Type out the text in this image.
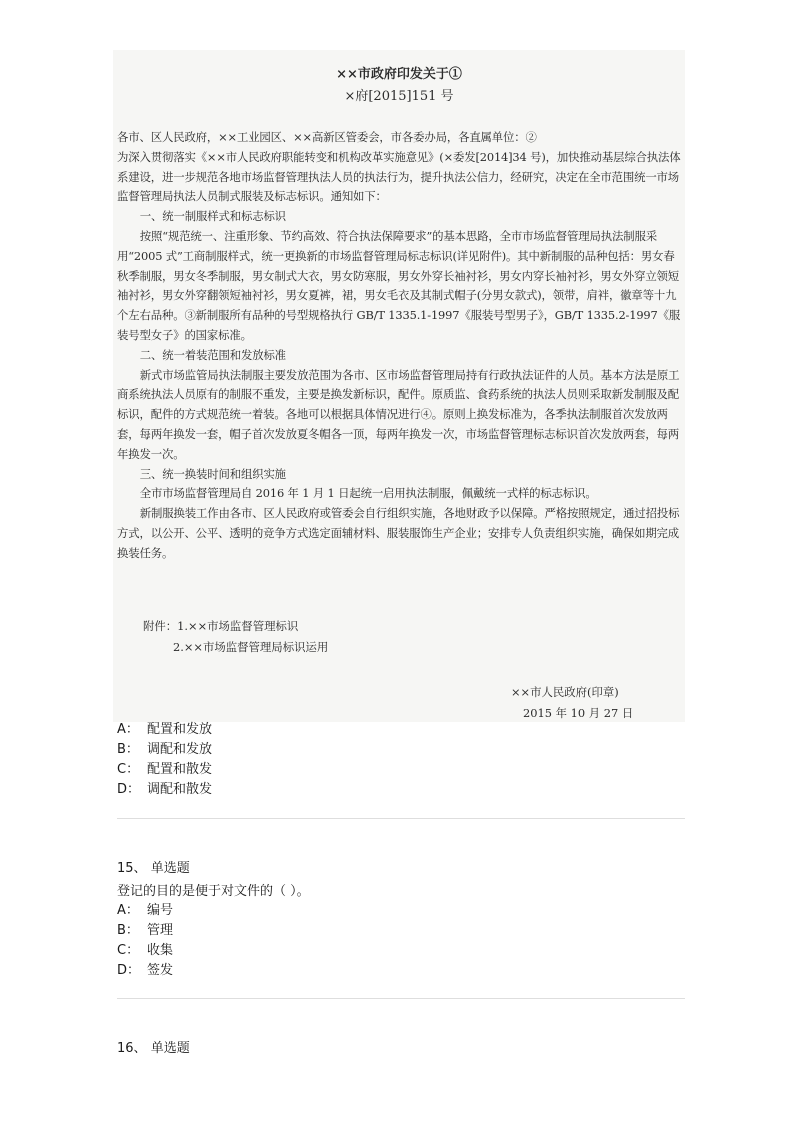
××市政府印发关于①
×府[2015]151 号

各市、区人民政府，××工业园区、××高新区管委会，市各委办局，各直属单位：②

为深入贯彻落实《××市人民政府职能转变和机构改革实施意见》(×委发[2014]34 号)，加快推动基层综合执法体系建设，进一步规范各地市场监督管理执法人员的执法行为，提升执法公信力，经研究，决定在全市范围统一市场监督管理局执法人员制式服装及标志标识。通知如下：

一、统一制服样式和标志标识

按照“规范统一、注重形象、节约高效、符合执法保障要求”的基本思路，全市市场监督管理局执法制服采用“2005 式”工商制服样式，统一更换新的市场监督管理局标志标识(详见附件)。其中新制服的品种包括：男女春秋季制服，男女冬季制服，男女制式大衣，男女防寒服，男女外穿长袖衬衫，男女内穿长袖衬衫，男女外穿立领短袖衬衫，男女外穿翻领短袖衬衫，男女夏裤，裙，男女毛衣及其制式帽子(分男女款式)，领带，肩袢，徽章等十九个左右品种。③新制服所有品种的号型规格执行 GB/T 1335.1-1997《服装号型男子》，GB/T 1335.2-1997《服装号型女子》的国家标准。

二、统一着装范围和发放标准

新式市场监管局执法制服主要发放范围为各市、区市场监督管理局持有行政执法证件的人员。基本方法是原工商系统执法人员原有的制服不重发，主要是换发新标识，配件。原质监、食药系统的执法人员则采取新发制服及配标识，配件的方式规范统一着装。各地可以根据具体情况进行④。原则上换发标准为，各季执法制服首次发放两套，每两年换发一套，帽子首次发放夏冬帽各一顶，每两年换发一次，市场监督管理标志标识首次发放两套，每两年换发一次。

三、统一换装时间和组织实施

全市市场监督管理局自 2016 年 1 月 1 日起统一启用执法制服，佩戴统一式样的标志标识。

新制服换装工作由各市、区人民政府或管委会自行组织实施，各地财政予以保障。严格按照规定，通过招投标方式，以公开、公平、透明的竞争方式选定面辅材料、服装服饰生产企业；安排专人负责组织实施，确保如期完成换装任务。

附件：1.××市场监督管理标识
2.××市场监督管理局标识运用
××市人民政府(印章)
2015 年 10 月 27 日
A： 配置和发放
B： 调配和发放
C： 配置和散发
D： 调配和散发
15、 单选题
登记的目的是便于对文件的（ ）。
A： 编号
B： 管理
C： 收集
D： 签发
16、 单选题
